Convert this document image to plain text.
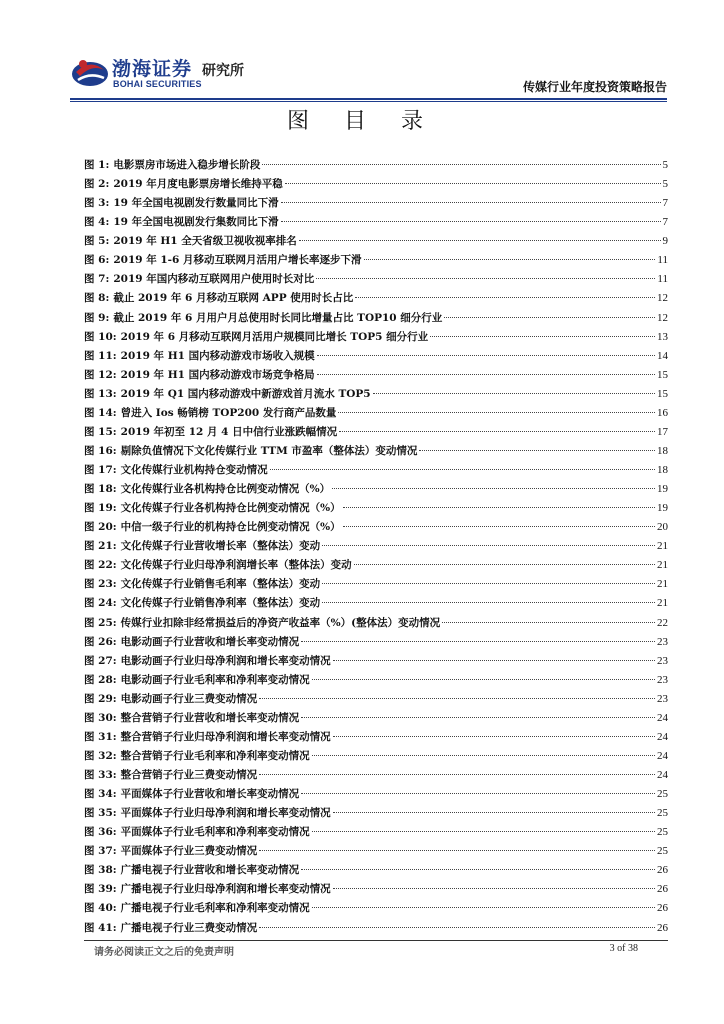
渤海证券
BOHAI SECURITIES
研究所
传媒行业年度投资策略报告
图 目 录
图 1: 电影票房市场进入稳步增长阶段	5
图 2: 2019 年月度电影票房增长维持平稳	5
图 3: 19 年全国电视剧发行数量同比下滑	7
图 4: 19 年全国电视剧发行集数同比下滑	7
图 5: 2019 年 H1 全天省级卫视收视率排名	9
图 6: 2019 年 1-6 月移动互联网月活用户增长率逐步下滑	11
图 7: 2019 年国内移动互联网用户使用时长对比	11
图 8: 截止 2019 年 6 月移动互联网 APP 使用时长占比	12
图 9: 截止 2019 年 6 月用户月总使用时长同比增量占比 TOP10 细分行业	12
图 10: 2019 年 6 月移动互联网月活用户规模同比增长 TOP5 细分行业	13
图 11: 2019 年 H1 国内移动游戏市场收入规模	14
图 12: 2019 年 H1 国内移动游戏市场竞争格局	15
图 13: 2019 年 Q1 国内移动游戏中新游戏首月流水 TOP5	15
图 14: 曾进入 Ios 畅销榜 TOP200 发行商产品数量	16
图 15: 2019 年初至 12 月 4 日中信行业涨跌幅情况	17
图 16: 剔除负值情况下文化传媒行业 TTM 市盈率（整体法）变动情况	18
图 17: 文化传媒行业机构持仓变动情况	18
图 18: 文化传媒行业各机构持仓比例变动情况（%）	19
图 19: 文化传媒子行业各机构持仓比例变动情况（%）	19
图 20: 中信一级子行业的机构持仓比例变动情况（%）	20
图 21: 文化传媒子行业营收增长率（整体法）变动	21
图 22: 文化传媒子行业归母净利润增长率（整体法）变动	21
图 23: 文化传媒子行业销售毛利率（整体法）变动	21
图 24: 文化传媒子行业销售净利率（整体法）变动	21
图 25: 传媒行业扣除非经常损益后的净资产收益率（%）(整体法）变动情况	22
图 26: 电影动画子行业营收和增长率变动情况	23
图 27: 电影动画子行业归母净利润和增长率变动情况	23
图 28: 电影动画子行业毛利率和净利率变动情况	23
图 29: 电影动画子行业三费变动情况	23
图 30: 整合营销子行业营收和增长率变动情况	24
图 31: 整合营销子行业归母净利润和增长率变动情况	24
图 32: 整合营销子行业毛利率和净利率变动情况	24
图 33: 整合营销子行业三费变动情况	24
图 34: 平面媒体子行业营收和增长率变动情况	25
图 35: 平面媒体子行业归母净利润和增长率变动情况	25
图 36: 平面媒体子行业毛利率和净利率变动情况	25
图 37: 平面媒体子行业三费变动情况	25
图 38: 广播电视子行业营收和增长率变动情况	26
图 39: 广播电视子行业归母净利润和增长率变动情况	26
图 40: 广播电视子行业毛利率和净利率变动情况	26
图 41: 广播电视子行业三费变动情况	26
请务必阅读正文之后的免责声明	3 of 38
